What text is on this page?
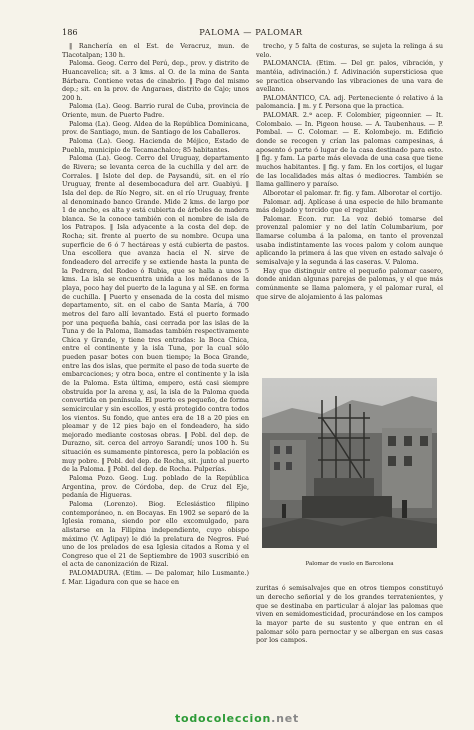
186	PALOMA — PALOMAR

‖ Ranchería en el Est. de Veracruz, mun. de Tlacotalpan; 130 h.

Paloma. Geog. Cerro del Perú, dep., prov. y distrito de Huancavelica; sit. a 3 kms. al O. de la mina de Santa Bárbara. Contiene vetas de cinabrio. ‖ Pago del mismo dep.; sit. en la prov. de Angaraes, distrito de Cajo; unos 200 h.

Paloma (La). Geog. Barrio rural de Cuba, provincia de Oriente, mun. de Puerto Padre.

Paloma (La). Geog. Aldea de la República Dominicana, prov. de Santiago, mun. de Santiago de los Caballeros.

Paloma (La). Geog. Hacienda de Méjico, Estado de Puebla, municipio de Tecamachalco; 85 habitantes.

Paloma (La). Geog. Cerro del Uruguay, departamento de Rivera; se levanta cerca de la cuchilla y del arr. de Corrales. ‖ Islote del dep. de Paysandú, sit. en el río Uruguay, frente al desembocadura del arr. Guabiyú. ‖ Isla del dep. de Río Negro, sit. en el río Uruguay, frente al denominado banco Grande. Mide 2 kms. de largo por 1 de ancho, es alta y está cubierta de árboles de madera blanca. Se la conoce también con el nombre de isla de los Patrapos. ‖ Isla adyacente a la costa del dep. de Rocha; sit. frente al puerto de su nombre. Ocupa una superficie de 6 ó 7 hectáreas y está cubierta de pastos. Una escollera que avanza hacia el N. sirve de fondeadero del arrecife y se extiende hasta la punta de la Pedrera, del Rodeo ó Rubia, que se halla a unos 5 kms. La isla se encuentra unida a los médanos de la playa, poco hay del puerto de la laguna y al SE. en forma de cuchilla. ‖ Puerto y ensenada de la costa del mismo departamento, sit. en el cabo de Santa María, á 700 metros del faro allí levantado. Está el puerto formado por una pequeña bahía, casi cerrada por las islas de la Tuna y de la Paloma, llamadas también respectivamente Chica y Grande, y tiene tres entradas: la Boca Chica, entre el continente y la isla Tuna, por la cual sólo pueden pasar botes con buen tiempo; la Boca Grande, entre las dos islas, que permite el paso de toda suerte de embarcaciones; y otra boca, entre el continente y la isla de la Paloma. Esta última, empero, está casi siempre obstruída por la arena y, así, la isla de la Paloma queda convertida en península. El puerto es pequeño, de forma semicircular y sin escollos, y está protegido contra todos los vientos. Su fondo, que antes era de 18 a 20 pies en pleamar y de 12 pies bajo en el fondeadero, ha sido mejorado mediante costosas obras. ‖ Pobl. del dep. de Durazno, sit. cerca del arroyo Sarandí; unos 100 h. Su situación es sumamente pintoresca, pero la población es muy pobre. ‖ Pobl. del dep. de Rocha, sit. junto al puerto de la Paloma. ‖ Pobl. del dep. de Rocha. Pulperías.

Paloma Pozo. Geog. Lug. poblado de la República Argentina, prov. de Córdoba, dep. de Cruz del Eje, pedanía de Higueras.

Paloma (Lorenzo). Biog. Eclesiástico filipino contemporáneo, n. en Bocayas. En 1902 se separó de la Iglesia romana, siendo por ello excomulgado, para alistarse en la Filipina independiente, cuyo obispo máximo (V. Aglipay) le dió la prelatura de Negros. Fué uno de los prelados de esa Iglesia citados a Roma y el Congreso que el 21 de Septiembre de 1903 suscribió en el acta de canonización de Rizal.

PALOMADURA. (Etim. — De palomar, hilo Lusmante.) f. Mar. Ligadura con que se hace en

trecho, y 5 falta de costuras, se sujeta la relinga á su velo.

PALOMANCIA. (Etim. — Del gr. palos, vibración, y mantéia, adivinación.) f. Adivinación supersticiosa que se practica observando las vibraciones de una vara de avellano.

PALOMÁNTICO, CA. adj. Perteneciente ó relativo á la palomancia. ‖ m. y f. Persona que la practica.

PALOMAR. 2.ª acep. F. Colombier, pigeonnier. — It. Colombaio. — In. Pigeon house. — A. Taubenhaus. — P. Pombal. — C. Colomar. — E. Kolombejo. m. Edificio donde se recogen y crían las palomas campesinas, á aposento ó parte ó lugar de la casa destinado para esto. ‖ fig. y fam. La parte más elevada de una casa que tiene muchos habitantes. ‖ fig. y fam. En los cortijos, el lugar de las localidades más altas ó mediocres. También se llama gallinero y paraíso.

Alborotar el palomar. fr. fig. y fam. Alborotar el cortijo.

Palomar. adj. Aplícase á una especie de hilo bramante más delgado y torcido que el regular.

Palomar. Econ. rur. La voz debió tomarse del provenzal palomier y no del latín Columbarium, por llamarse columba á la paloma, en tanto el provenzal usaba indistintamente las voces palom y colom aunque aplicando la primera á las que viven en estado salvaje ó semisalvaje y la segunda á las caseras. V. Paloma.

Hay que distinguir entre el pequeño palomar casero, donde anidan algunas parejas de palomas, y el que más comúnmente se llama palomera, y el palomar rural, el que sirve de alojamiento á las palomas

Palomar de vuelo en Barcelona

zuritas ó semisalvajes que en otros tiempos constituyó un derecho señorial y de los grandes terratenientes, y que se destinaba en particular á alojar las palomas que viven en semidomesticidad, procurándose en los campos la mayor parte de su sustento y que entran en el palomar sólo para pernoctar y se albergan en sus casas por los campos.

todocoleccion.net
